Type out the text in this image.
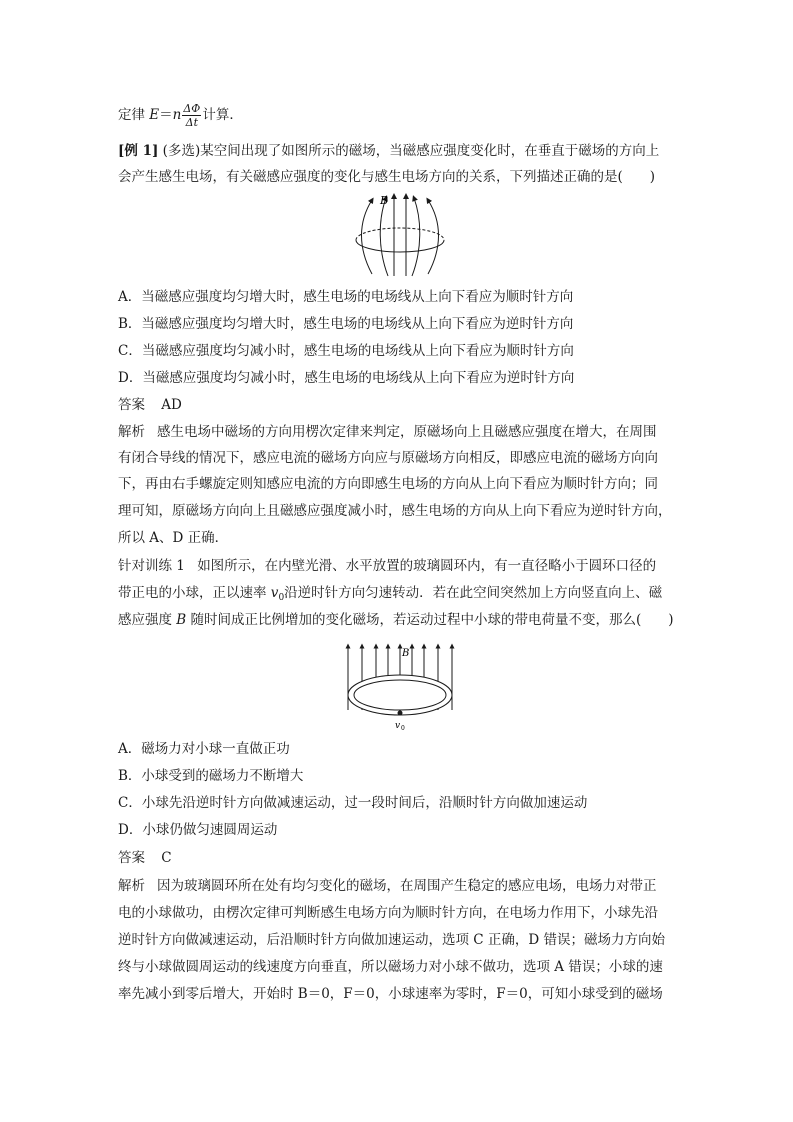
定律 $E=n \frac{\Delta\Phi}{\Delta t}$ 计算．
[例 1] (多选)某空间出现了如图所示的磁场，当磁感应强度变化时，在垂直于磁场的方向上
会产生感生电场，有关磁感应强度的变化与感生电场方向的关系，下列描述正确的是(　　)
B
A．当磁感应强度均匀增大时，感生电场的电场线从上向下看应为顺时针方向
B．当磁感应强度均匀增大时，感生电场的电场线从上向下看应为逆时针方向
C．当磁感应强度均匀减小时，感生电场的电场线从上向下看应为顺时针方向
D．当磁感应强度均匀减小时，感生电场的电场线从上向下看应为逆时针方向
答案 AD
解析 感生电场中磁场的方向用楞次定律来判定，原磁场向上且磁感应强度在增大，在周围
有闭合导线的情况下，感应电流的磁场方向应与原磁场方向相反，即感应电流的磁场方向向
下，再由右手螺旋定则知感应电流的方向即感生电场的方向从上向下看应为顺时针方向；同
理可知，原磁场方向向上且磁感应强度减小时，感生电场的方向从上向下看应为逆时针方向，
所以 A、D 正确．
针对训练 1 如图所示，在内壁光滑、水平放置的玻璃圆环内，有一直径略小于圆环口径的
带正电的小球，正以速率 $v_0$沿逆时针方向匀速转动．若在此空间突然加上方向竖直向上、磁
感应强度 B 随时间成正比例增加的变化磁场，若运动过程中小球的带电荷量不变，那么(　　)
B
v 0
A．磁场力对小球一直做正功
B．小球受到的磁场力不断增大
C．小球先沿逆时针方向做减速运动，过一段时间后，沿顺时针方向做加速运动
D．小球仍做匀速圆周运动
答案 C
解析 因为玻璃圆环所在处有均匀变化的磁场，在周围产生稳定的感应电场，电场力对带正
电的小球做功，由楞次定律可判断感生电场方向为顺时针方向，在电场力作用下，小球先沿
逆时针方向做减速运动，后沿顺时针方向做加速运动，选项 C 正确，D 错误；磁场力方向始
终与小球做圆周运动的线速度方向垂直，所以磁场力对小球不做功，选项 A 错误；小球的速
率先减小到零后增大，开始时 B＝0，F＝0，小球速率为零时，F＝0，可知小球受到的磁场
